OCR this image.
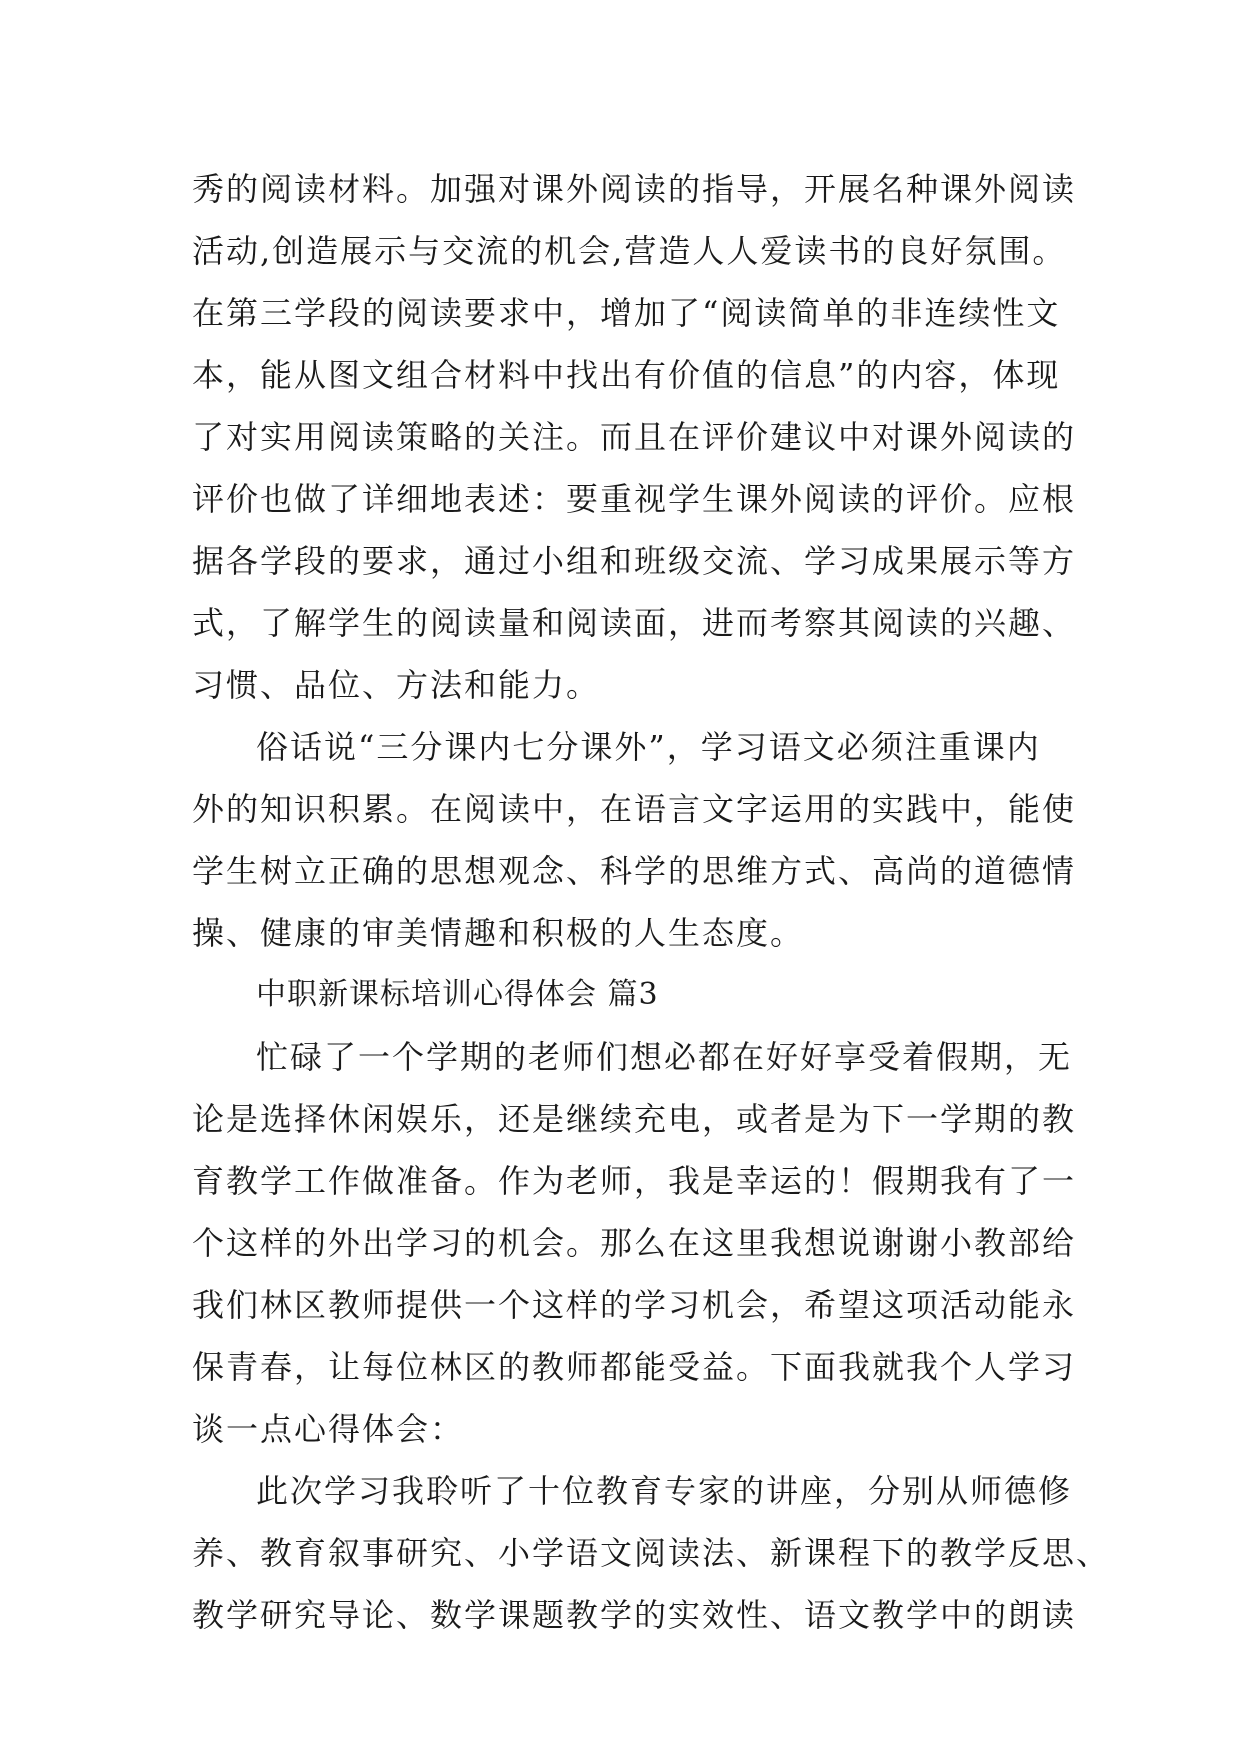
秀的阅读材料。加强对课外阅读的指导，开展名种课外阅读
活动,创造展示与交流的机会,营造人人爱读书的良好氛围。
在第三学段的阅读要求中，增加了“阅读简单的非连续性文
本，能从图文组合材料中找出有价值的信息”的内容，体现
了对实用阅读策略的关注。而且在评价建议中对课外阅读的
评价也做了详细地表述：要重视学生课外阅读的评价。应根
据各学段的要求，通过小组和班级交流、学习成果展示等方
式，了解学生的阅读量和阅读面，进而考察其阅读的兴趣、
习惯、品位、方法和能力。
俗话说“三分课内七分课外”，学习语文必须注重课内
外的知识积累。在阅读中，在语言文字运用的实践中，能使
学生树立正确的思想观念、科学的思维方式、高尚的道德情
操、健康的审美情趣和积极的人生态度。
中职新课标培训心得体会 篇3
忙碌了一个学期的老师们想必都在好好享受着假期，无
论是选择休闲娱乐，还是继续充电，或者是为下一学期的教
育教学工作做准备。作为老师，我是幸运的！假期我有了一
个这样的外出学习的机会。那么在这里我想说谢谢小教部给
我们林区教师提供一个这样的学习机会，希望这项活动能永
保青春，让每位林区的教师都能受益。下面我就我个人学习
谈一点心得体会：
此次学习我聆听了十位教育专家的讲座，分别从师德修
养、教育叙事研究、小学语文阅读法、新课程下的教学反思、
教学研究导论、数学课题教学的实效性、语文教学中的朗读
